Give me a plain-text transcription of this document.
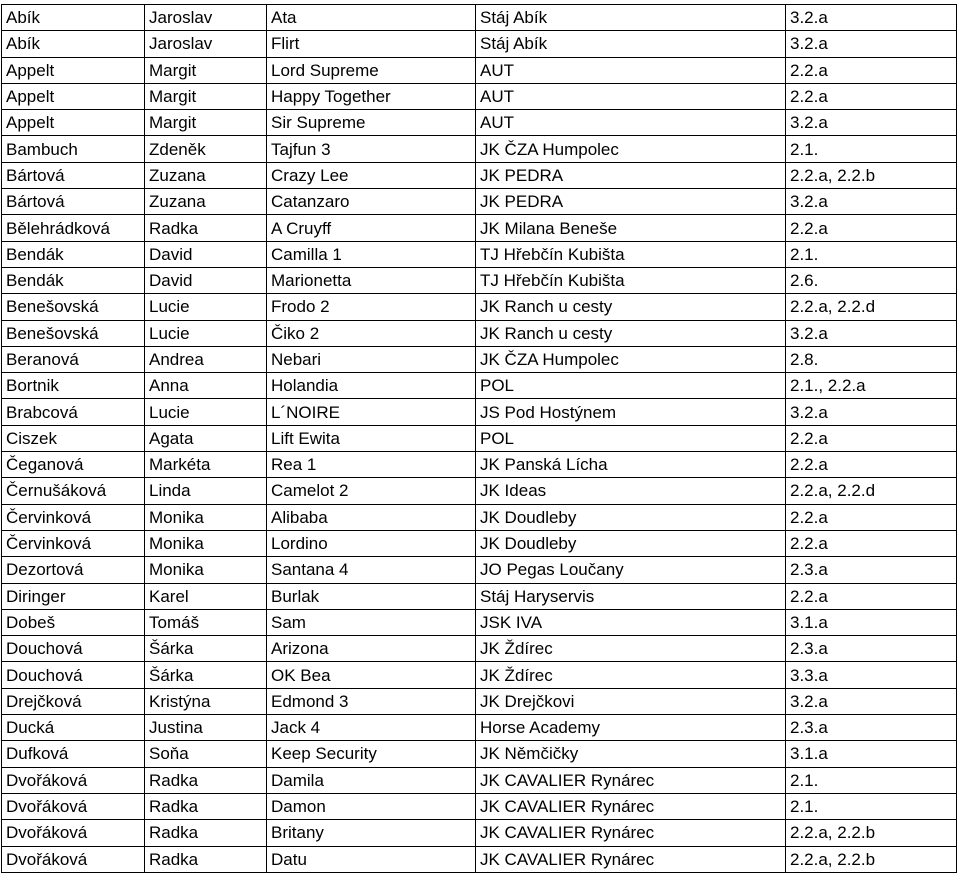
Abík	Jaroslav	Ata	Stáj Abík	3.2.a
Abík	Jaroslav	Flirt	Stáj Abík	3.2.a
Appelt	Margit	Lord Supreme	AUT	2.2.a
Appelt	Margit	Happy Together	AUT	2.2.a
Appelt	Margit	Sir Supreme	AUT	3.2.a
Bambuch	Zdeněk	Tajfun 3	JK ČZA Humpolec	2.1.
Bártová	Zuzana	Crazy Lee	JK PEDRA	2.2.a, 2.2.b
Bártová	Zuzana	Catanzaro	JK PEDRA	3.2.a
Bělehrádková	Radka	A Cruyff	JK Milana Beneše	2.2.a
Bendák	David	Camilla 1	TJ Hřebčín Kubišta	2.1.
Bendák	David	Marionetta	TJ Hřebčín Kubišta	2.6.
Benešovská	Lucie	Frodo 2	JK Ranch u cesty	2.2.a, 2.2.d
Benešovská	Lucie	Čiko 2	JK Ranch u cesty	3.2.a
Beranová	Andrea	Nebari	JK ČZA Humpolec	2.8.
Bortnik	Anna	Holandia	POL	2.1., 2.2.a
Brabcová	Lucie	L´NOIRE	JS Pod Hostýnem	3.2.a
Ciszek	Agata	Lift Ewita	POL	2.2.a
Čeganová	Markéta	Rea 1	JK Panská Lícha	2.2.a
Černušáková	Linda	Camelot 2	JK Ideas	2.2.a, 2.2.d
Červinková	Monika	Alibaba	JK Doudleby	2.2.a
Červinková	Monika	Lordino	JK Doudleby	2.2.a
Dezortová	Monika	Santana 4	JO Pegas Loučany	2.3.a
Diringer	Karel	Burlak	Stáj Haryservis	2.2.a
Dobeš	Tomáš	Sam	JSK IVA	3.1.a
Douchová	Šárka	Arizona	JK Ždírec	2.3.a
Douchová	Šárka	OK Bea	JK Ždírec	3.3.a
Drejčková	Kristýna	Edmond 3	JK Drejčkovi	3.2.a
Ducká	Justina	Jack 4	Horse Academy	2.3.a
Dufková	Soňa	Keep Security	JK Němčičky	3.1.a
Dvořáková	Radka	Damila	JK CAVALIER Rynárec	2.1.
Dvořáková	Radka	Damon	JK CAVALIER Rynárec	2.1.
Dvořáková	Radka	Britany	JK CAVALIER Rynárec	2.2.a, 2.2.b
Dvořáková	Radka	Datu	JK CAVALIER Rynárec	2.2.a, 2.2.b
